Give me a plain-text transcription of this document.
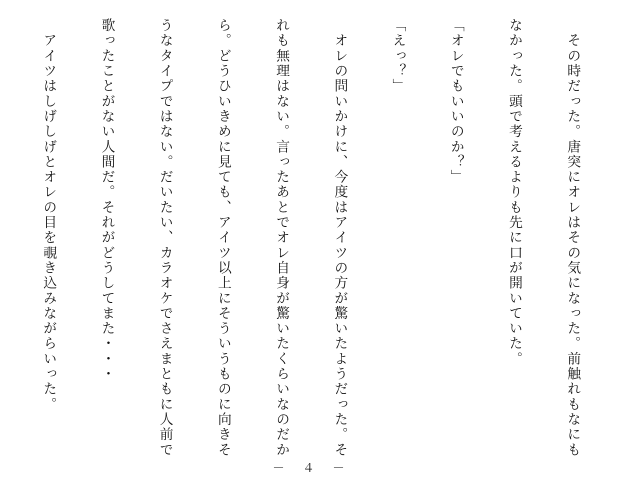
　その時だった。唐突にオレはその気になった。前触れもなにも

なかった。頭で考えるよりも先に口が開いていた。

「オレでもいいのか？」

「えっ？」

　オレの問いかけに、今度はアイツの方が驚いたようだった。そ

れも無理はない。言ったあとでオレ自身が驚いたくらいなのだか

ら。どうひいきめに見ても、アイツ以上にそういうものに向きそ

うなタイプではない。だいたい、カラオケでさえまともに人前で

歌ったことがない人間だ。それがどうしてまた・・・

　アイツはしげしげとオレの目を覗き込みながらいった。

－　４　－
